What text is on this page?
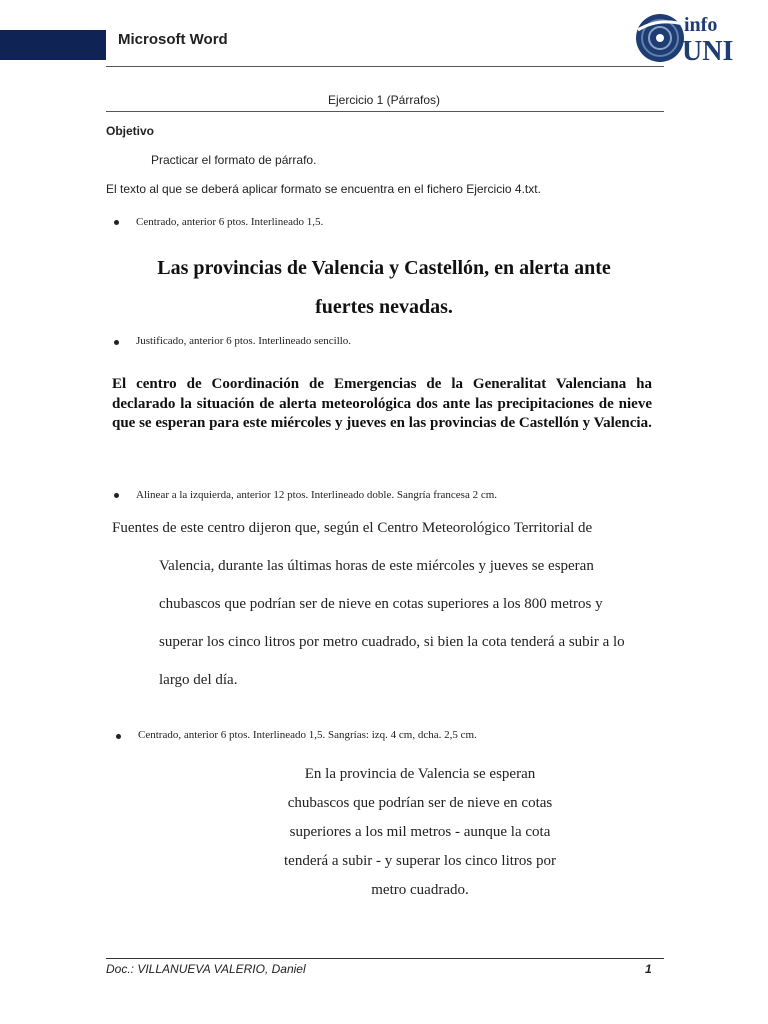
Microsoft Word
info
UNI
Ejercicio 1 (Párrafos)
Objetivo
Practicar el formato de párrafo.
El texto al que se deberá aplicar formato se encuentra en el fichero Ejercicio 4.txt.
Centrado, anterior 6 ptos. Interlineado 1,5.
Las provincias de Valencia y Castellón, en alerta ante
fuertes nevadas.
Justificado, anterior 6 ptos. Interlineado sencillo.
El centro de Coordinación de Emergencias de la Generalitat Valenciana ha declarado la situación de alerta meteorológica dos ante las precipitaciones de nieve que se esperan para este miércoles y jueves en las provincias de Castellón y Valencia.
Alinear a la izquierda, anterior 12 ptos. Interlineado doble. Sangría francesa 2 cm.
Fuentes de este centro dijeron que, según el Centro Meteorológico Territorial de
Valencia, durante las últimas horas de este miércoles y jueves se esperan
chubascos que podrían ser de nieve en cotas superiores a los 800 metros y
superar los cinco litros por metro cuadrado, si bien la cota tenderá a subir a lo
largo del día.
Centrado, anterior 6 ptos. Interlineado 1,5. Sangrías: izq. 4 cm, dcha. 2,5 cm.
En la provincia de Valencia se esperan
chubascos que podrían ser de nieve en cotas
superiores a los mil metros - aunque la cota
tenderá a subir - y superar los cinco litros por
metro cuadrado.
Doc.: VILLANUEVA VALERIO, Daniel	1
